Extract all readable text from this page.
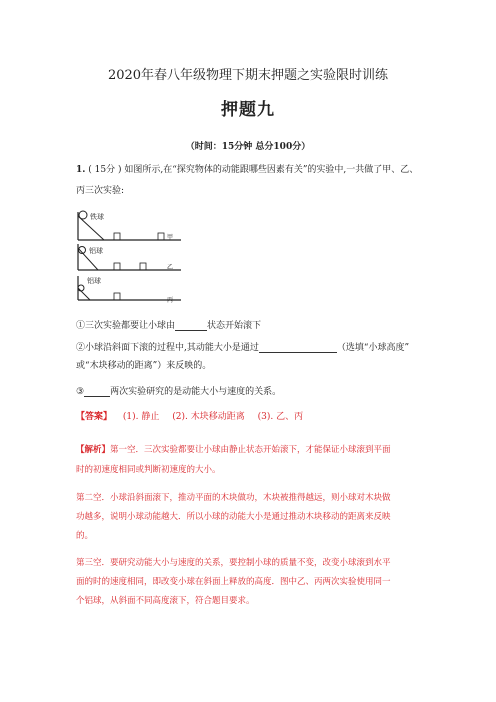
2020年春八年级物理下期末押题之实验限时训练
押题九
（时间：15分钟 总分100分）
1. ( 15分 ) 如图所示,在“探究物体的动能跟哪些因素有关”的实验中,一共做了甲、乙、
丙三次实验:
铁球
甲
铝球
乙
铝球
丙
①三次实验都要让小球由	状态开始滚下
②小球沿斜面下滚的过程中,其动能大小是通过	（选填“小球高度”
或“木块移动的距离”）来反映的。
③	两次实验研究的是动能大小与速度的关系。
【答案】 (1). 静止 (2). 木块移动距离 (3). 乙、丙
【解析】第一空．三次实验都要让小球由静止状态开始滚下，才能保证小球滚到平面
时的初速度相同或判断初速度的大小。
第二空．小球沿斜面滚下，推动平面的木块做功，木块被推得越远，则小球对木块做
功越多，说明小球动能越大．所以小球的动能大小是通过推动木块移动的距离来反映
的。
第三空．要研究动能大小与速度的关系，要控制小球的质量不变，改变小球滚到水平
面的时的速度相同，即改变小球在斜面上释放的高度．图中乙、丙两次实验使用同一
个铝球，从斜面不同高度滚下，符合题目要求。
